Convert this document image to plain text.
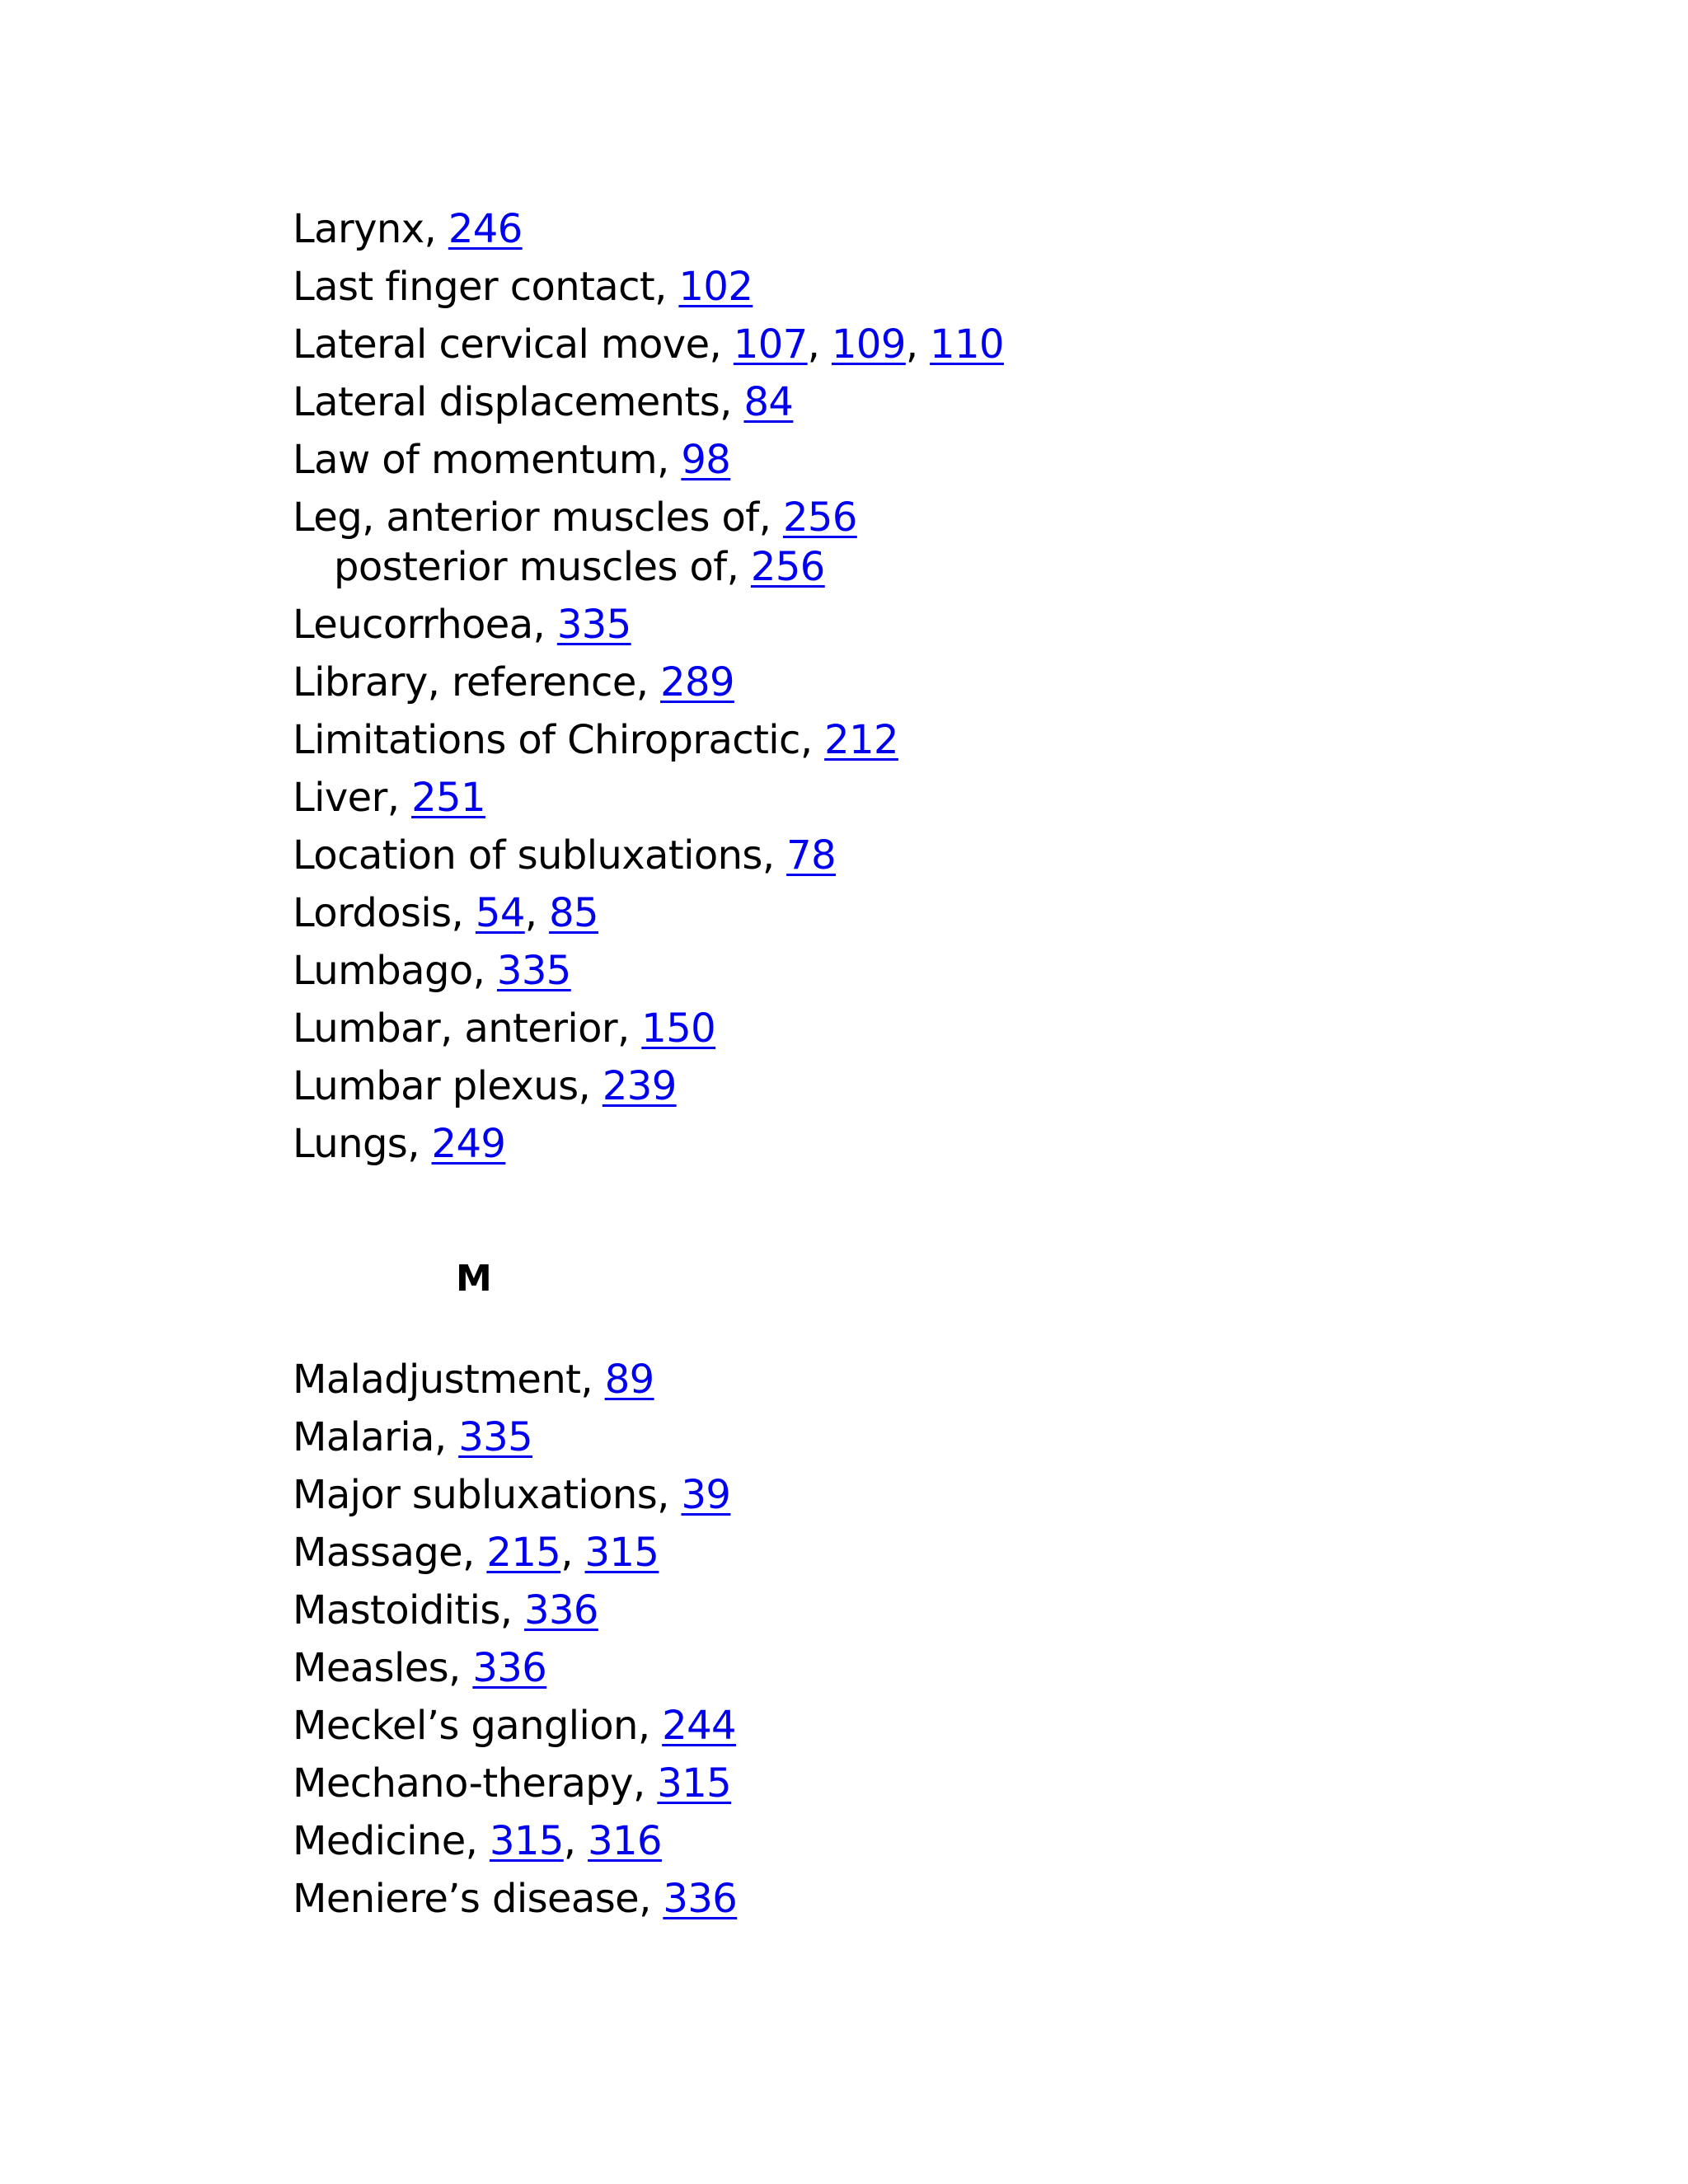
Larynx, 246
Last finger contact, 102
Lateral cervical move, 107, 109, 110
Lateral displacements, 84
Law of momentum, 98
Leg, anterior muscles of, 256
posterior muscles of, 256
Leucorrhoea, 335
Library, reference, 289
Limitations of Chiropractic, 212
Liver, 251
Location of subluxations, 78
Lordosis, 54, 85
Lumbago, 335
Lumbar, anterior, 150
Lumbar plexus, 239
Lungs, 249
M
Maladjustment, 89
Malaria, 335
Major subluxations, 39
Massage, 215, 315
Mastoiditis, 336
Measles, 336
Meckel’s ganglion, 244
Mechano-therapy, 315
Medicine, 315, 316
Meniere’s disease, 336
